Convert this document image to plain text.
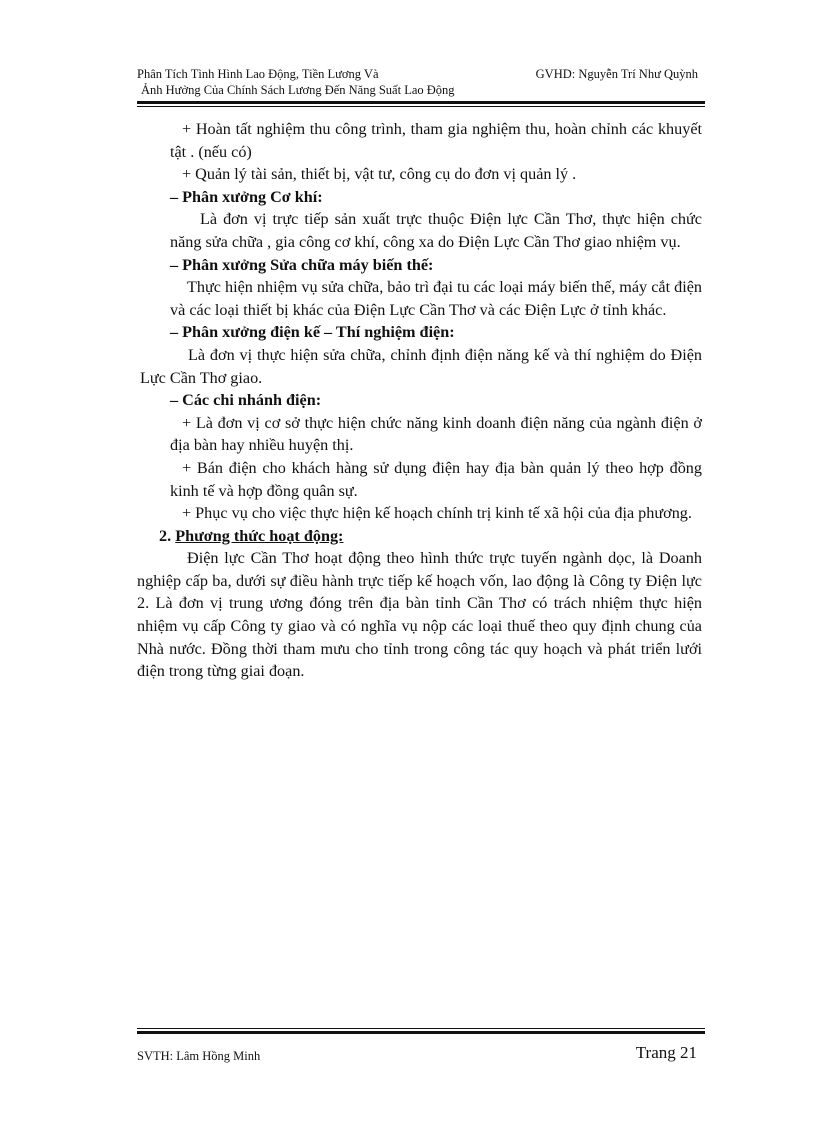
Phân Tích Tình Hình Lao Động, Tiền Lương Và
Ảnh Hưởng Của Chính Sách Lương Đến Năng Suất Lao Động
GVHD: Nguyễn Trí Như Quỳnh

+ Hoàn tất nghiệm thu công trình, tham gia nghiệm thu, hoàn chỉnh các khuyết tật . (nếu có)

+ Quản lý tài sản, thiết bị, vật tư, công cụ do đơn vị quản lý .

– Phân xưởng Cơ khí:

Là đơn vị trực tiếp sản xuất trực thuộc Điện lực Cần Thơ, thực hiện chức năng sửa chữa , gia công cơ khí, công xa do Điện Lực Cần Thơ giao nhiệm vụ.

– Phân xưởng Sửa chữa máy biến thế:

Thực hiện nhiệm vụ sửa chữa, bảo trì đại tu các loại máy biến thế, máy cắt điện và các loại thiết bị khác của Điện Lực Cần Thơ và các Điện Lực ở tỉnh khác.

– Phân xưởng điện kế – Thí nghiệm điện:

Là đơn vị thực hiện sửa chữa, chỉnh định điện năng kế và thí nghiệm do Điện Lực Cần Thơ giao.

– Các chi nhánh điện:

+ Là đơn vị cơ sở thực hiện chức năng kinh doanh điện năng của ngành điện ở địa bàn hay nhiều huyện thị.

+ Bán điện cho khách hàng sử dụng điện hay địa bàn quản lý theo hợp đồng kinh tế và hợp đồng quân sự.

+ Phục vụ cho việc thực hiện kế hoạch chính trị kinh tế xã hội của địa phương.

2. Phương thức hoạt động:

Điện lực Cần Thơ hoạt động theo hình thức trực tuyến ngành dọc, là Doanh nghiệp cấp ba, dưới sự điều hành trực tiếp kế hoạch vốn, lao động là Công ty Điện lực 2. Là đơn vị trung ương đóng trên địa bàn tỉnh Cần Thơ có trách nhiệm thực hiện nhiệm vụ cấp Công ty giao và có nghĩa vụ nộp các loại thuế theo quy định chung của Nhà nước. Đồng thời tham mưu cho tỉnh trong công tác quy hoạch và phát triển lưới điện trong từng giai đoạn.

SVTH: Lâm Hồng Minh	Trang 21
